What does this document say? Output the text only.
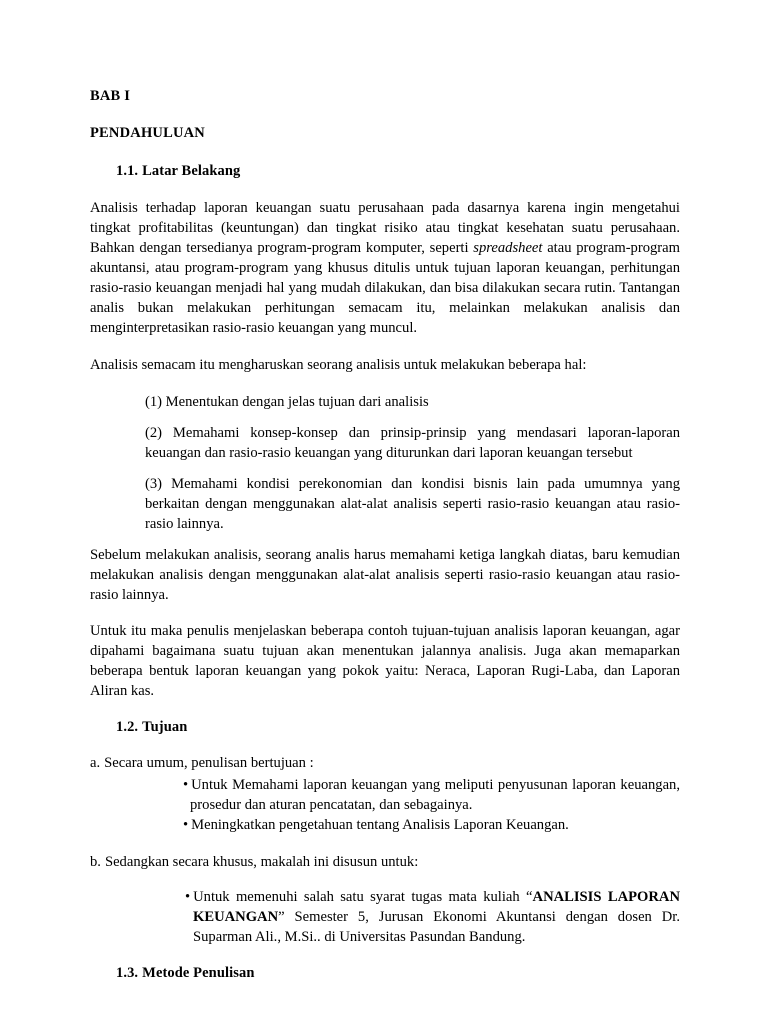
BAB I
PENDAHULUAN
1.1. Latar Belakang

Analisis terhadap laporan keuangan suatu perusahaan pada dasarnya karena ingin mengetahui tingkat profitabilitas (keuntungan) dan tingkat risiko atau tingkat kesehatan suatu perusahaan. Bahkan dengan tersedianya program-program komputer, seperti spreadsheet atau program-program akuntansi, atau program-program yang khusus ditulis untuk tujuan laporan keuangan, perhitungan rasio-rasio keuangan menjadi hal yang mudah dilakukan, dan bisa dilakukan secara rutin. Tantangan analis bukan melakukan perhitungan semacam itu, melainkan melakukan analisis dan menginterpretasikan rasio-rasio keuangan yang muncul.

Analisis semacam itu mengharuskan seorang analisis untuk melakukan beberapa hal:

(1) Menentukan dengan jelas tujuan dari analisis
(2) Memahami konsep-konsep dan prinsip-prinsip yang mendasari laporan-laporan keuangan dan rasio-rasio keuangan yang diturunkan dari laporan keuangan tersebut
(3) Memahami kondisi perekonomian dan kondisi bisnis lain pada umumnya yang berkaitan dengan menggunakan alat-alat analisis seperti rasio-rasio keuangan atau rasio-rasio lainnya.

Sebelum melakukan analisis, seorang analis harus memahami ketiga langkah diatas, baru kemudian melakukan analisis dengan menggunakan alat-alat analisis seperti rasio-rasio keuangan atau rasio-rasio lainnya.

Untuk itu maka penulis menjelaskan beberapa contoh tujuan-tujuan analisis laporan keuangan, agar dipahami bagaimana suatu tujuan akan menentukan jalannya analisis. Juga akan memaparkan beberapa bentuk laporan keuangan yang pokok yaitu: Neraca, Laporan Rugi-Laba, dan Laporan Aliran kas.

1.2. Tujuan
a. Secara umum, penulisan bertujuan :
• Untuk Memahami laporan keuangan yang meliputi penyusunan laporan keuangan, prosedur dan aturan pencatatan, dan sebagainya.
• Meningkatkan pengetahuan tentang Analisis Laporan Keuangan.
b. Sedangkan secara khusus, makalah ini disusun untuk:
• Untuk memenuhi salah satu syarat tugas mata kuliah “ANALISIS LAPORAN KEUANGAN” Semester 5, Jurusan Ekonomi Akuntansi dengan dosen Dr. Suparman Ali., M.Si.. di Universitas Pasundan Bandung.
1.3. Metode Penulisan
